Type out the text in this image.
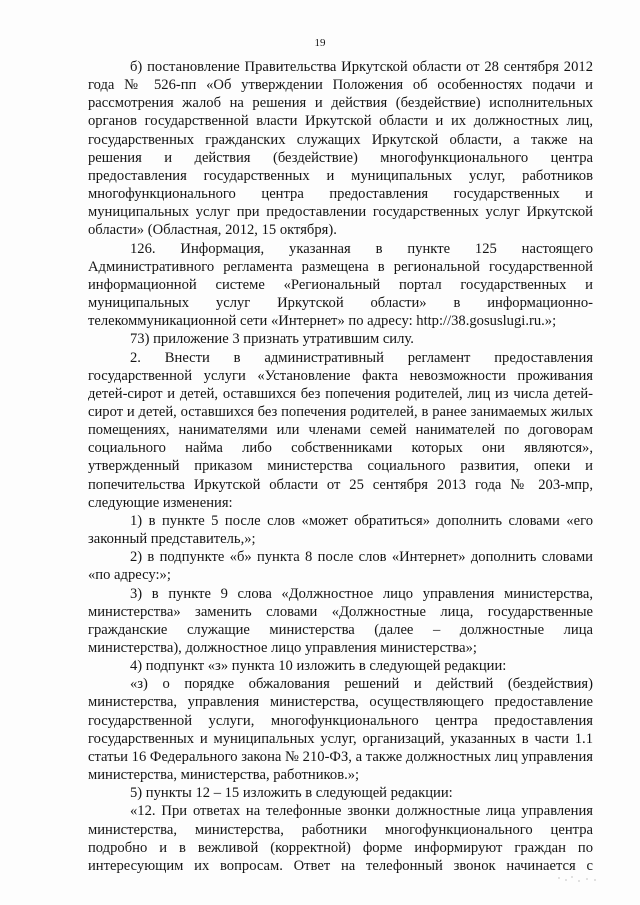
19

б) постановление Правительства Иркутской области от 28 сентября 2012 года № 526-пп «Об утверждении Положения об особенностях подачи и рассмотрения жалоб на решения и действия (бездействие) исполнительных органов государственной власти Иркутской области и их должностных лиц, государственных гражданских служащих Иркутской области, а также на решения и действия (бездействие) многофункционального центра предоставления государственных и муниципальных услуг, работников многофункционального центра предоставления государственных и муниципальных услуг при предоставлении государственных услуг Иркутской области» (Областная, 2012, 15 октября).

126. Информация, указанная в пункте 125 настоящего Административного регламента размещена в региональной государственной информационной системе «Региональный портал государственных и муниципальных услуг Иркутской области» в информационно-телекоммуникационной сети «Интернет» по адресу: http://38.gosuslugi.ru.»;

73) приложение 3 признать утратившим силу.

2. Внести в административный регламент предоставления государственной услуги «Установление факта невозможности проживания детей-сирот и детей, оставшихся без попечения родителей, лиц из числа детей-сирот и детей, оставшихся без попечения родителей, в ранее занимаемых жилых помещениях, нанимателями или членами семей нанимателей по договорам социального найма либо собственниками которых они являются», утвержденный приказом министерства социального развития, опеки и попечительства Иркутской области от 25 сентября 2013 года № 203-мпр, следующие изменения:

1) в пункте 5 после слов «может обратиться» дополнить словами «его законный представитель,»;

2) в подпункте «б» пункта 8 после слов «Интернет» дополнить словами «по адресу:»;

3) в пункте 9 слова «Должностное лицо управления министерства, министерства» заменить словами «Должностные лица, государственные гражданские служащие министерства (далее – должностные лица министерства), должностное лицо управления министерства»;

4) подпункт «з» пункта 10 изложить в следующей редакции:

«з) о порядке обжалования решений и действий (бездействия) министерства, управления министерства, осуществляющего предоставление государственной услуги, многофункционального центра предоставления государственных и муниципальных услуг, организаций, указанных в части 1.1 статьи 16 Федерального закона № 210-ФЗ, а также должностных лиц управления министерства, министерства, работников.»;

5) пункты 12 – 15 изложить в следующей редакции:

«12. При ответах на телефонные звонки должностные лица управления министерства, министерства, работники многофункционального центра подробно и в вежливой (корректной) форме информируют граждан по интересующим их вопросам. Ответ на телефонный звонок начинается с
